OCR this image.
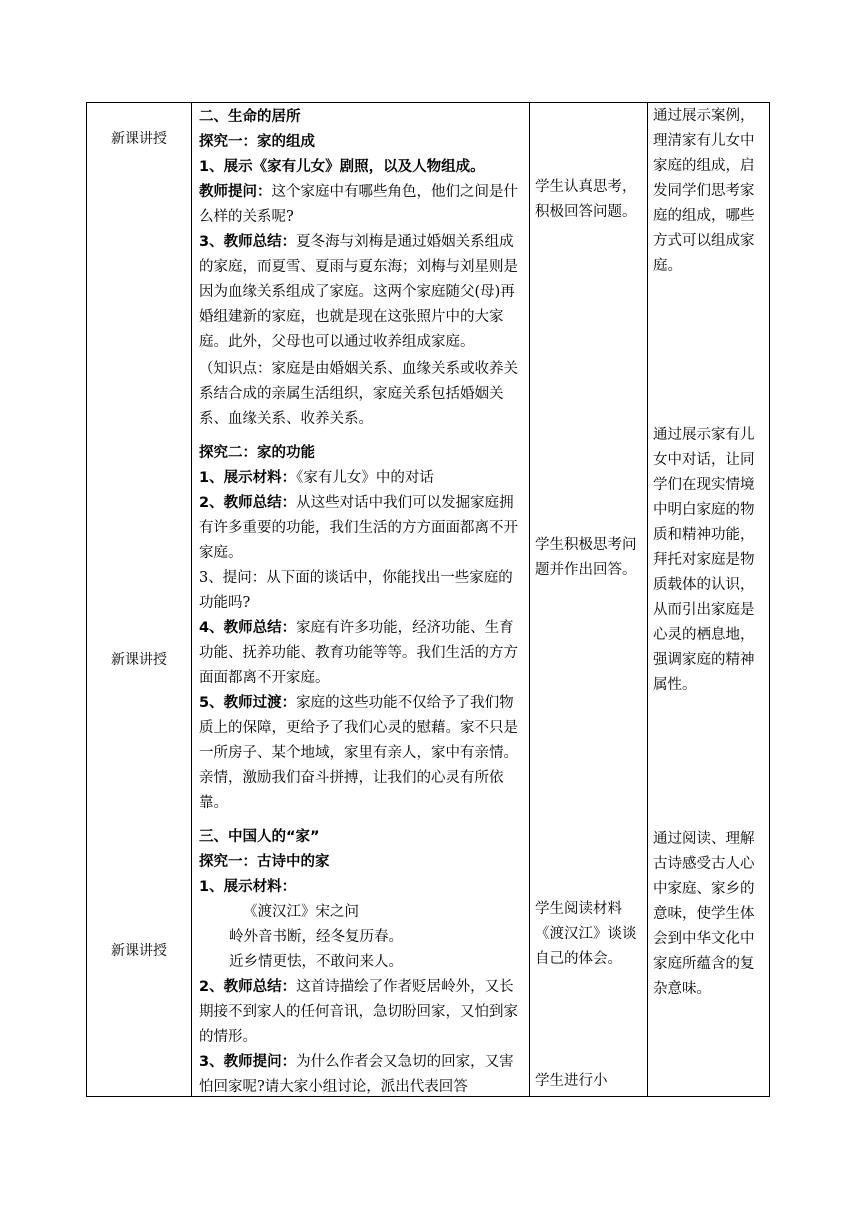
新课讲授
新课讲授
新课讲授

二、生命的居所

探究一：家的组成

1、展示《家有儿女》剧照，以及人物组成。

教师提问：这个家庭中有哪些角色，他们之间是什么样的关系呢?

3、教师总结：夏冬海与刘梅是通过婚姻关系组成的家庭，而夏雪、夏雨与夏东海；刘梅与刘星则是因为血缘关系组成了家庭。这两个家庭随父(母)再婚组建新的家庭，也就是现在这张照片中的大家庭。此外，父母也可以通过收养组成家庭。

（知识点：家庭是由婚姻关系、血缘关系或收养关系结合成的亲属生活组织，家庭关系包括婚姻关系、血缘关系、收养关系。

学生认真思考，积极回答问题。
通过展示案例，理清家有儿女中家庭的组成，启发同学们思考家庭的组成，哪些方式可以组成家庭。

探究二：家的功能

1、展示材料：《家有儿女》中的对话

2、教师总结：从这些对话中我们可以发掘家庭拥有许多重要的功能，我们生活的方方面面都离不开家庭。

3、提问：从下面的谈话中，你能找出一些家庭的功能吗?

4、教师总结：家庭有许多功能，经济功能、生育功能、抚养功能、教育功能等等。我们生活的方方面面都离不开家庭。

5、教师过渡：家庭的这些功能不仅给予了我们物质上的保障，更给予了我们心灵的慰藉。家不只是一所房子、某个地域，家里有亲人，家中有亲情。亲情，激励我们奋斗拼搏，让我们的心灵有所依靠。

学生积极思考问题并作出回答。
通过展示家有儿女中对话，让同学们在现实情境中明白家庭的物质和精神功能，拜托对家庭是物质载体的认识，从而引出家庭是心灵的栖息地，强调家庭的精神属性。

三、中国人的“家”

探究一：古诗中的家

1、展示材料：

《渡汉江》宋之问

岭外音书断，经冬复历春。

近乡情更怯，不敢问来人。

2、教师总结：这首诗描绘了作者贬居岭外，又长期接不到家人的任何音讯，急切盼回家，又怕到家的情形。

3、教师提问：为什么作者会又急切的回家，又害怕回家呢?请大家小组讨论，派出代表回答

学生阅读材料《渡汉江》谈谈自己的体会。
学生进行小
通过阅读、理解古诗感受古人心中家庭、家乡的意味，使学生体会到中华文化中家庭所蕴含的复杂意味。
